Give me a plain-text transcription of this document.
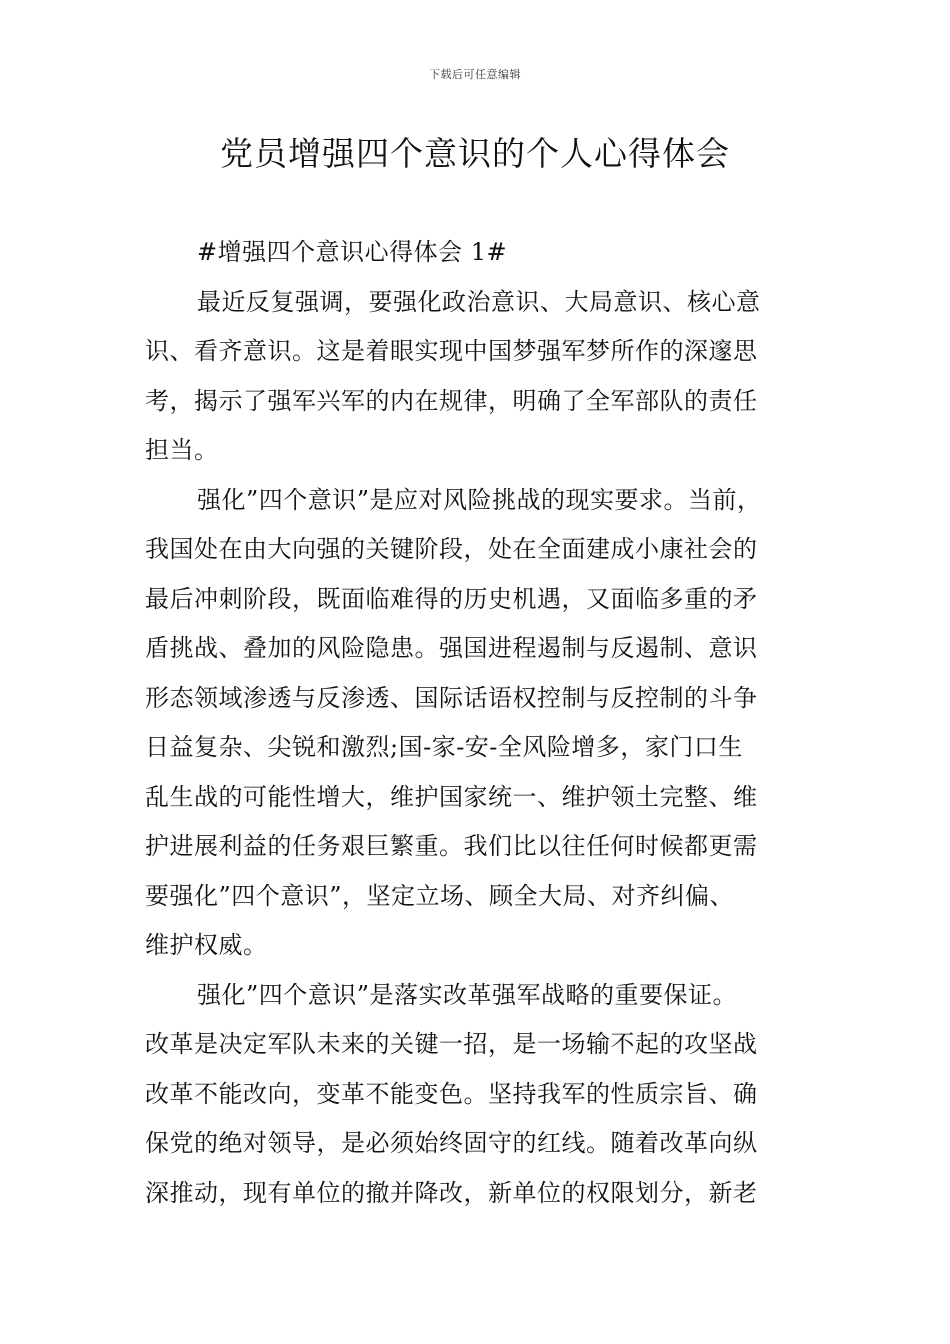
下载后可任意编辑
党员增强四个意识的个人心得体会
#增强四个意识心得体会 1#
最近反复强调，要强化政治意识、大局意识、核心意
识、看齐意识。这是着眼实现中国梦强军梦所作的深邃思
考，揭示了强军兴军的内在规律，明确了全军部队的责任
担当。
强化”四个意识”是应对风险挑战的现实要求。当前，
我国处在由大向强的关键阶段，处在全面建成小康社会的
最后冲刺阶段，既面临难得的历史机遇，又面临多重的矛
盾挑战、叠加的风险隐患。强国进程遏制与反遏制、意识
形态领域渗透与反渗透、国际话语权控制与反控制的斗争
日益复杂、尖锐和激烈;国-家-安-全风险增多，家门口生
乱生战的可能性增大，维护国家统一、维护领土完整、维
护进展利益的任务艰巨繁重。我们比以往任何时候都更需
要强化”四个意识”，坚定立场、顾全大局、对齐纠偏、
维护权威。
强化”四个意识”是落实改革强军战略的重要保证。
改革是决定军队未来的关键一招，是一场输不起的攻坚战
改革不能改向，变革不能变色。坚持我军的性质宗旨、确
保党的绝对领导，是必须始终固守的红线。随着改革向纵
深推动，现有单位的撤并降改，新单位的权限划分，新老
